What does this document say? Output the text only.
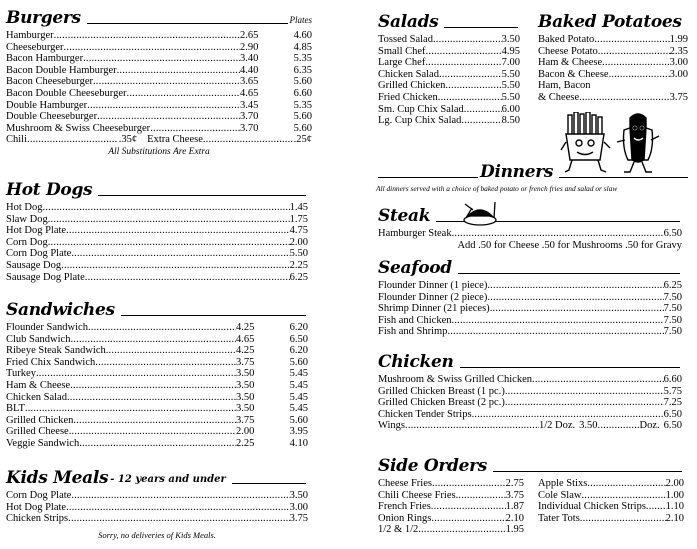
Burgers	Plates
Hamburger .....	2.65	4.60
Cheeseburger .....	2.90	4.85
Bacon Hamburger .....	3.40	5.35
Bacon Double Hamburger .....	4.40	6.35
Bacon Cheeseburger .....	3.65	5.60
Bacon Double Cheeseburger .....	4.65	6.60
Double Hamburger .....	3.45	5.35
Double Cheeseburger .....	3.70	5.60
Mushroom & Swiss Cheeseburger .....	3.70	5.60
Chili .....	.35¢ Extra Cheese .....	.25¢
All Substitutions Are Extra
Hot Dogs
Hot Dog .....	1.45
Slaw Dog .....	1.75
Hot Dog Plate .....	4.75
Corn Dog .....	2.00
Corn Dog Plate .....	5.50
Sausage Dog .....	2.25
Sausage Dog Plate .....	6.25
Sandwiches
Flounder Sandwich .....	4.25	6.20
Club Sandwich .....	4.65	6.50
Ribeye Steak Sandwich .....	4.25	6.20
Fried Chix Sandwich .....	3.75	5.60
Turkey .....	3.50	5.45
Ham & Cheese .....	3.50	5.45
Chicken Salad .....	3.50	5.45
BLT .....	3.50	5.45
Grilled Chicken .....	3.75	5.60
Grilled Cheese .....	2.00	3.95
Veggie Sandwich .....	2.25	4.10
Kids Meals - 12 years and under
Corn Dog Plate .....	3.50
Hot Dog Plate .....	3.00
Chicken Strips .....	3.75
Sorry, no deliveries of Kids Meals.
Salads
Tossed Salad .....	3.50
Small Chef .....	4.95
Large Chef .....	7.00
Chicken Salad .....	5.50
Grilled Chicken .....	5.50
Fried Chicken .....	5.50
Sm. Cup Chix Salad .....	6.00
Lg. Cup Chix Salad .....	8.50
Baked Potatoes
Baked Potato .....	1.99
Cheese Potato .....	2.35
Ham & Cheese .....	3.00
Bacon & Cheese .....	3.00
Ham, Bacon
& Cheese .....	3.75
Dinners
All dinners served with a choice of baked potato or french fries and salad or slaw
Steak
Hamburger Steak .....	6.50
Add .50 for Cheese .50 for Mushrooms .50 for Gravy
Seafood
Flounder Dinner (1 piece) .....	6.25
Flounder Dinner (2 piece) .....	7.50
Shrimp Dinner (21 pieces) .....	7.50
Fish and Chicken .....	7.50
Fish and Shrimp .....	7.50
Chicken
Mushroom & Swiss Grilled Chicken .....	6.60
Grilled Chicken Breast (1 pc.) .....	5.75
Grilled Chicken Breast (2 pc.) .....	7.25
Chicken Tender Strips .....	6.50
Wings .....	1/2 Doz. 3.50 .....	Doz. 6.50
Side Orders
Cheese Fries .....	2.75
Chili Cheese Fries .....	3.75
French Fries .....	1.87
Onion Rings .....	2.10
1/2 & 1/2 .....	1.95
Apple Stixs .....	2.00
Cole Slaw .....	1.00
Individual Chicken Strips ..... 1.10
Tater Tots .....	2.10
